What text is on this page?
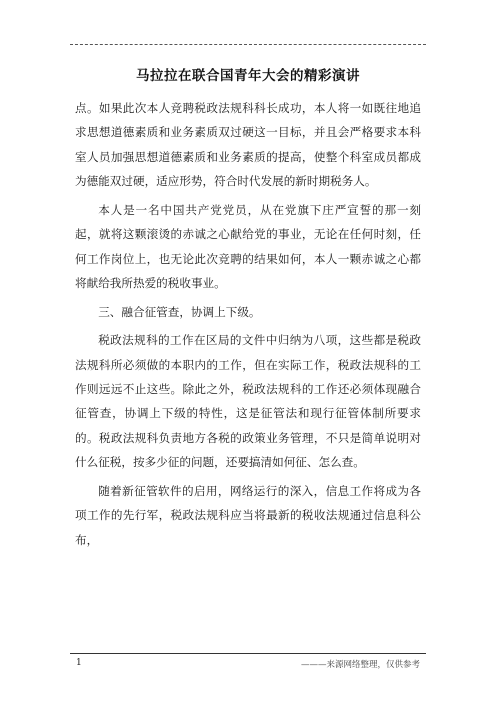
马拉拉在联合国青年大会的精彩演讲

点。如果此次本人竞聘税政法规科科长成功，本人将一如既往地追求思想道德素质和业务素质双过硬这一目标，并且会严格要求本科室人员加强思想道德素质和业务素质的提高，使整个科室成员都成为德能双过硬，适应形势，符合时代发展的新时期税务人。

本人是一名中国共产党党员，从在党旗下庄严宣誓的那一刻起，就将这颗滚烫的赤诚之心献给党的事业，无论在任何时刻，任何工作岗位上，也无论此次竞聘的结果如何，本人一颗赤诚之心都将献给我所热爱的税收事业。

三、融合征管查，协调上下级。

税政法规科的工作在区局的文件中归纳为八项，这些都是税政法规科所必须做的本职内的工作，但在实际工作，税政法规科的工作则远远不止这些。除此之外，税政法规科的工作还必须体现融合征管查，协调上下级的特性，这是征管法和现行征管体制所要求的。税政法规科负责地方各税的政策业务管理，不只是简单说明对什么征税，按多少征的问题，还要搞清如何征、怎么查。

随着新征管软件的启用，网络运行的深入，信息工作将成为各项工作的先行军，税政法规科应当将最新的税收法规通过信息科公布，

1	———来源网络整理，仅供参考
